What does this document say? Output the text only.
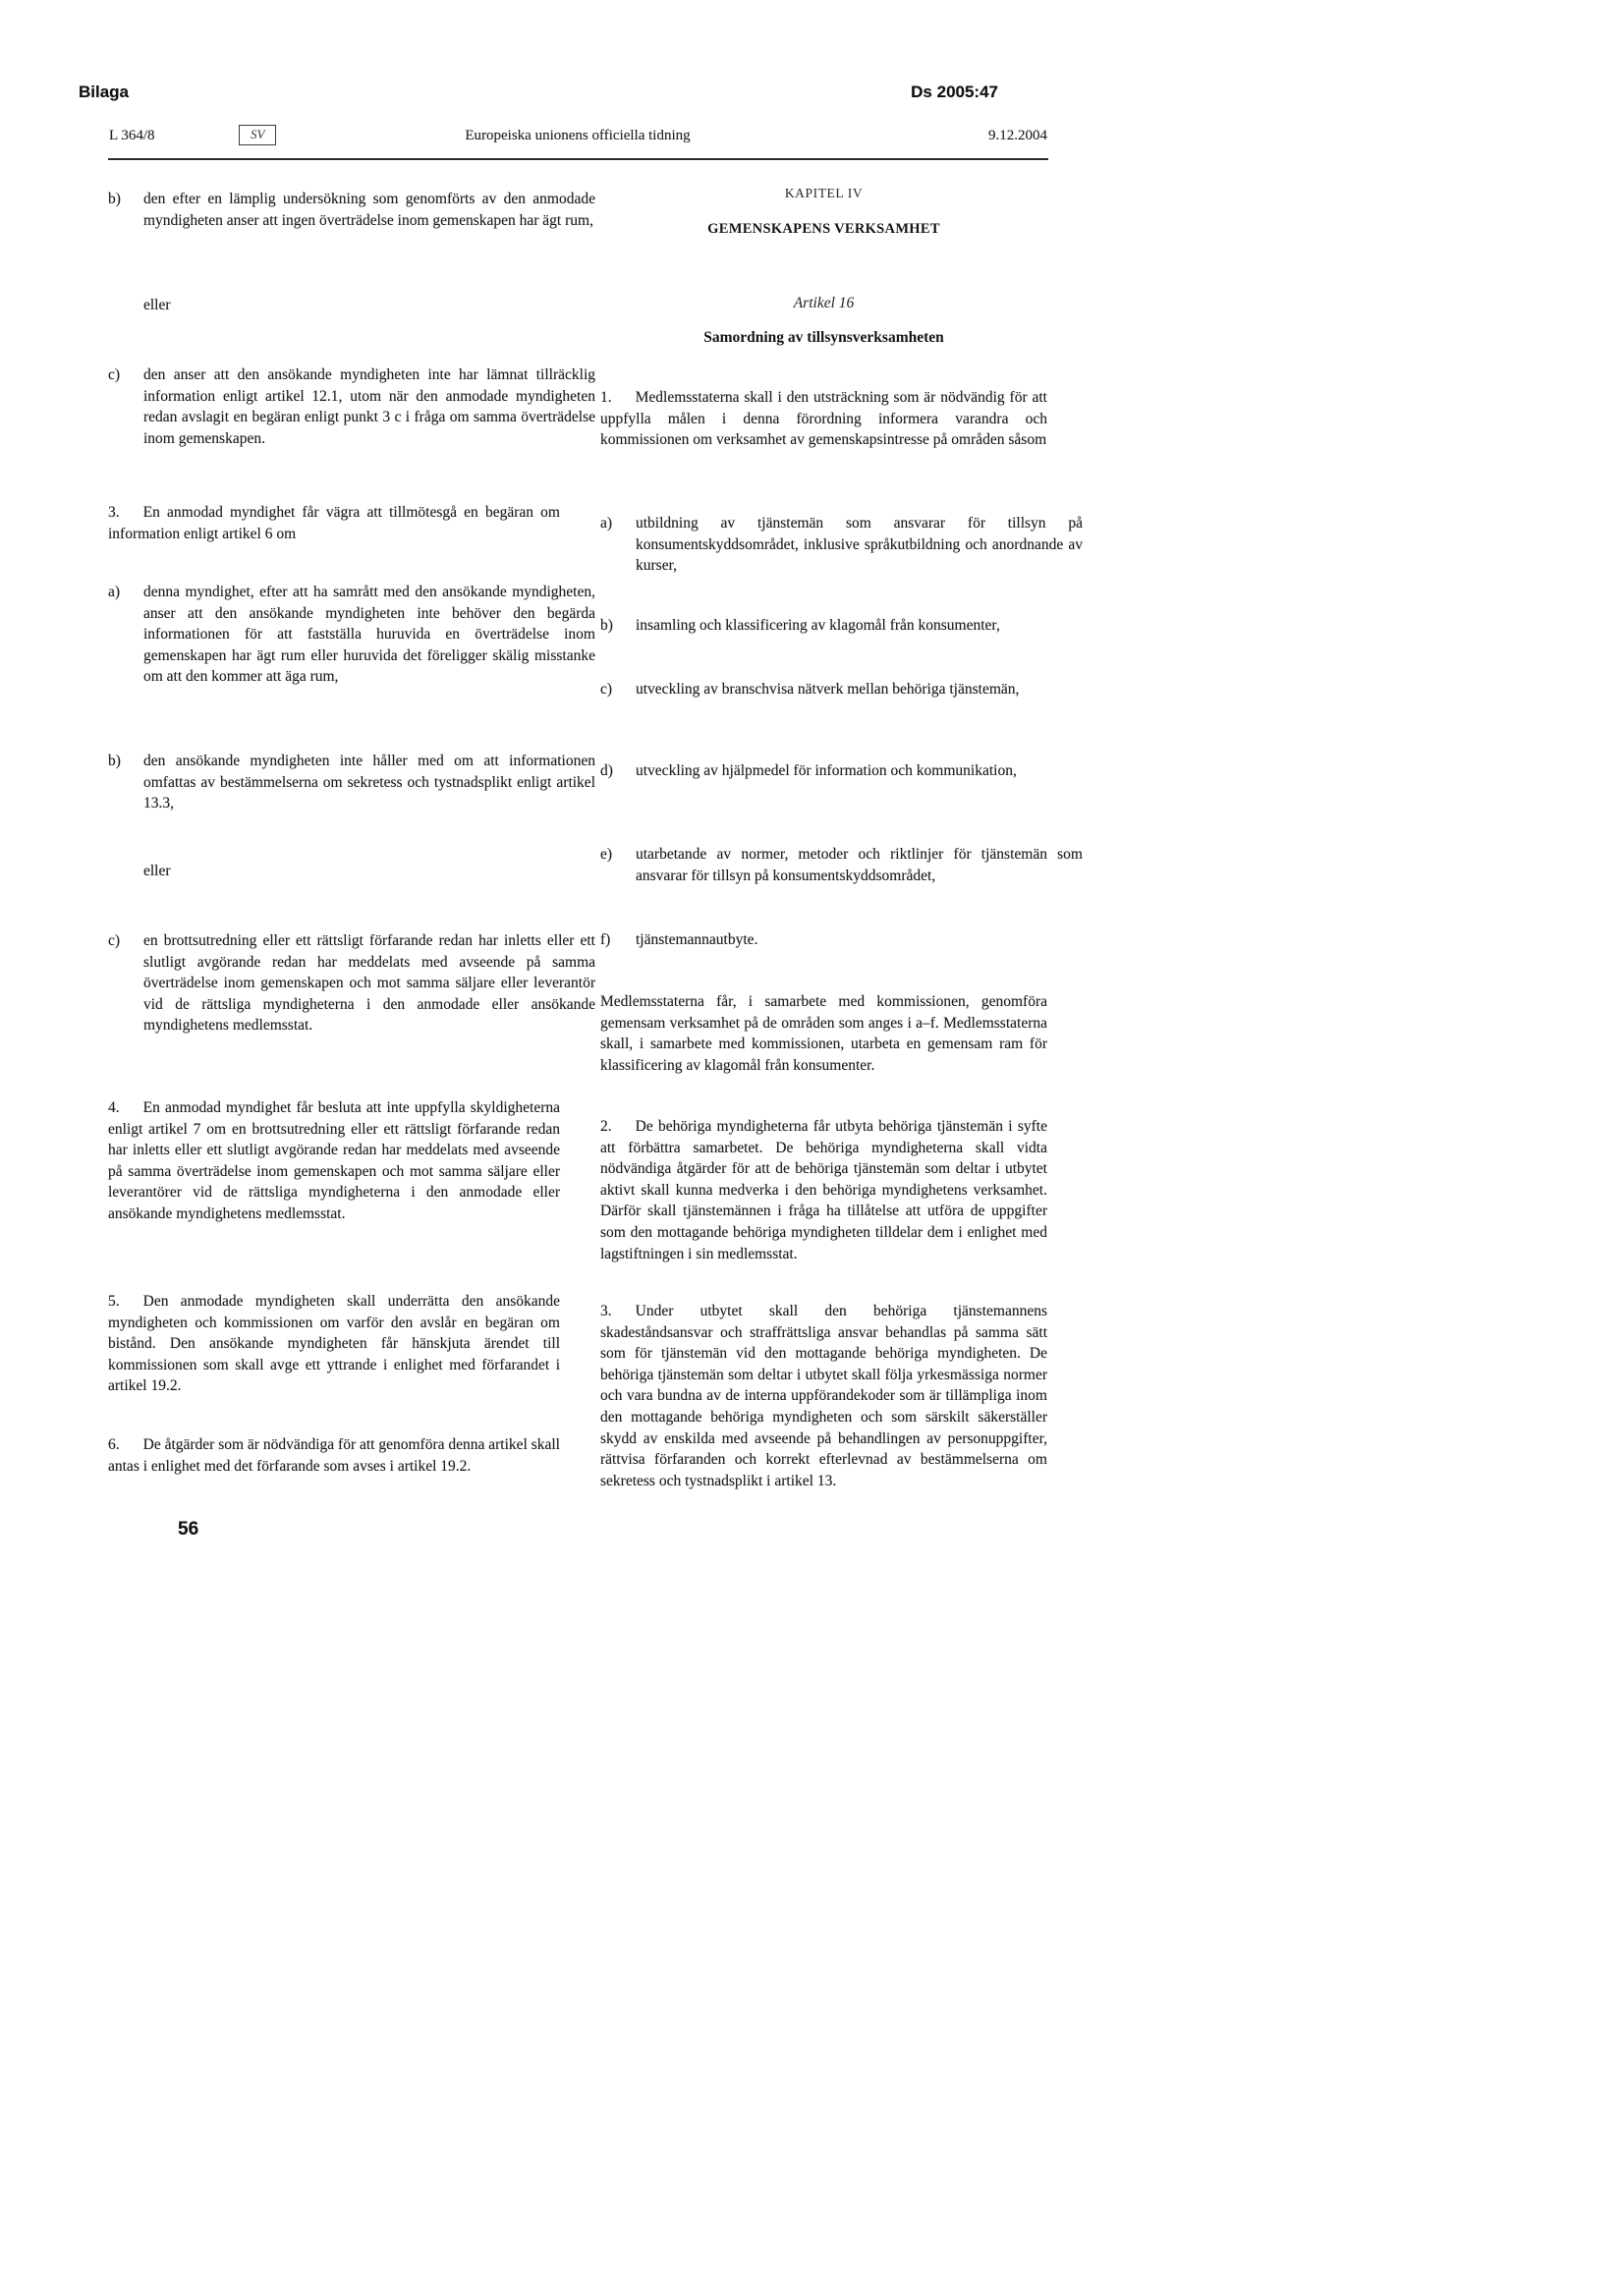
Bilaga	Ds 2005:47
L 364/8	SV	Europeiska unionens officiella tidning	9.12.2004
b) den efter en lämplig undersökning som genomförts av den anmodade myndigheten anser att ingen överträdelse inom gemenskapen har ägt rum,
eller
c) den anser att den ansökande myndigheten inte har lämnat tillräcklig information enligt artikel 12.1, utom när den anmodade myndigheten redan avslagit en begäran enligt punkt 3 c i fråga om samma överträdelse inom gemenskapen.
3. En anmodad myndighet får vägra att tillmötesgå en begäran om information enligt artikel 6 om
a) denna myndighet, efter att ha samrått med den ansökande myndigheten, anser att den ansökande myndigheten inte behöver den begärda informationen för att fastställa huruvida en överträdelse inom gemenskapen har ägt rum eller huruvida det föreligger skälig misstanke om att den kommer att äga rum,
b) den ansökande myndigheten inte håller med om att informationen omfattas av bestämmelserna om sekretess och tystnadsplikt enligt artikel 13.3,
eller
c) en brottsutredning eller ett rättsligt förfarande redan har inletts eller ett slutligt avgörande redan har meddelats med avseende på samma överträdelse inom gemenskapen och mot samma säljare eller leverantör vid de rättsliga myndigheterna i den anmodade eller ansökande myndighetens medlemsstat.
4. En anmodad myndighet får besluta att inte uppfylla skyldigheterna enligt artikel 7 om en brottsutredning eller ett rättsligt förfarande redan har inletts eller ett slutligt avgörande redan har meddelats med avseende på samma överträdelse inom gemenskapen och mot samma säljare eller leverantörer vid de rättsliga myndigheterna i den anmodade eller ansökande myndighetens medlemsstat.
5. Den anmodade myndigheten skall underrätta den ansökande myndigheten och kommissionen om varför den avslår en begäran om bistånd. Den ansökande myndigheten får hänskjuta ärendet till kommissionen som skall avge ett yttrande i enlighet med förfarandet i artikel 19.2.
6. De åtgärder som är nödvändiga för att genomföra denna artikel skall antas i enlighet med det förfarande som avses i artikel 19.2.
56
KAPITEL IV
GEMENSKAPENS VERKSAMHET
Artikel 16
Samordning av tillsynsverksamheten
1. Medlemsstaterna skall i den utsträckning som är nödvändig för att uppfylla målen i denna förordning informera varandra och kommissionen om verksamhet av gemenskapsintresse på områden såsom
a) utbildning av tjänstemän som ansvarar för tillsyn på konsumentskyddsområdet, inklusive språkutbildning och anordnande av kurser,
b) insamling och klassificering av klagomål från konsumenter,
c) utveckling av branschvisa nätverk mellan behöriga tjänstemän,
d) utveckling av hjälpmedel för information och kommunikation,
e) utarbetande av normer, metoder och riktlinjer för tjänstemän som ansvarar för tillsyn på konsumentskyddsområdet,
f) tjänstemannautbyte.
Medlemsstaterna får, i samarbete med kommissionen, genomföra gemensam verksamhet på de områden som anges i a–f. Medlemsstaterna skall, i samarbete med kommissionen, utarbeta en gemensam ram för klassificering av klagomål från konsumenter.
2. De behöriga myndigheterna får utbyta behöriga tjänstemän i syfte att förbättra samarbetet. De behöriga myndigheterna skall vidta nödvändiga åtgärder för att de behöriga tjänstemän som deltar i utbytet aktivt skall kunna medverka i den behöriga myndighetens verksamhet. Därför skall tjänstemännen i fråga ha tillåtelse att utföra de uppgifter som den mottagande behöriga myndigheten tilldelar dem i enlighet med lagstiftningen i sin medlemsstat.
3. Under utbytet skall den behöriga tjänstemannens skadeståndsansvar och straffrättsliga ansvar behandlas på samma sätt som för tjänstemän vid den mottagande behöriga myndigheten. De behöriga tjänstemän som deltar i utbytet skall följa yrkesmässiga normer och vara bundna av de interna uppförandekoder som är tillämpliga inom den mottagande behöriga myndigheten och som särskilt säkerställer skydd av enskilda med avseende på behandlingen av personuppgifter, rättvisa förfaranden och korrekt efterlevnad av bestämmelserna om sekretess och tystnadsplikt i artikel 13.
